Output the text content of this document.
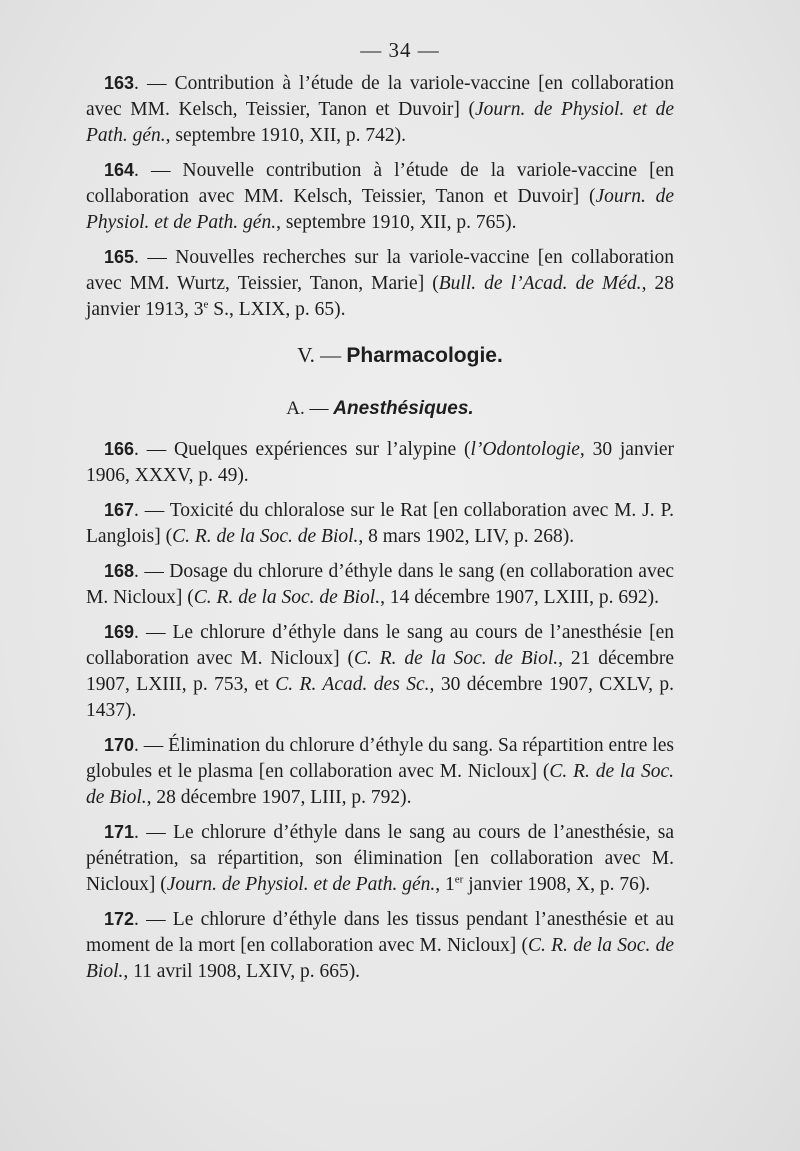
— 34 —

163. — Contribution à l’étude de la variole-vaccine [en collaboration avec MM. Kelsch, Teissier, Tanon et Duvoir] (Journ. de Physiol. et de Path. gén., septembre 1910, XII, p. 742).

164. — Nouvelle contribution à l’étude de la variole-vaccine [en collaboration avec MM. Kelsch, Teissier, Tanon et Duvoir] (Journ. de Physiol. et de Path. gén., septembre 1910, XII, p. 765).

165. — Nouvelles recherches sur la variole-vaccine [en collaboration avec MM. Wurtz, Teissier, Tanon, Marie] (Bull. de l’Acad. de Méd., 28 janvier 1913, 3e S., LXIX, p. 65).

V. — Pharmacologie.
A. — Anesthésiques.

166. — Quelques expériences sur l’alypine (l’Odontologie, 30 janvier 1906, XXXV, p. 49).

167. — Toxicité du chloralose sur le Rat [en collaboration avec M. J. P. Langlois] (C. R. de la Soc. de Biol., 8 mars 1902, LIV, p. 268).

168. — Dosage du chlorure d’éthyle dans le sang (en collaboration avec M. Nicloux] (C. R. de la Soc. de Biol., 14 décembre 1907, LXIII, p. 692).

169. — Le chlorure d’éthyle dans le sang au cours de l’anesthésie [en collaboration avec M. Nicloux] (C. R. de la Soc. de Biol., 21 décembre 1907, LXIII, p. 753, et C. R. Acad. des Sc., 30 décembre 1907, CXLV, p. 1437).

170. — Élimination du chlorure d’éthyle du sang. Sa répartition entre les globules et le plasma [en collaboration avec M. Nicloux] (C. R. de la Soc. de Biol., 28 décembre 1907, LIII, p. 792).

171. — Le chlorure d’éthyle dans le sang au cours de l’anesthésie, sa pénétration, sa répartition, son élimination [en collaboration avec M. Nicloux] (Journ. de Physiol. et de Path. gén., 1er janvier 1908, X, p. 76).

172. — Le chlorure d’éthyle dans les tissus pendant l’anesthésie et au moment de la mort [en collaboration avec M. Nicloux] (C. R. de la Soc. de Biol., 11 avril 1908, LXIV, p. 665).
